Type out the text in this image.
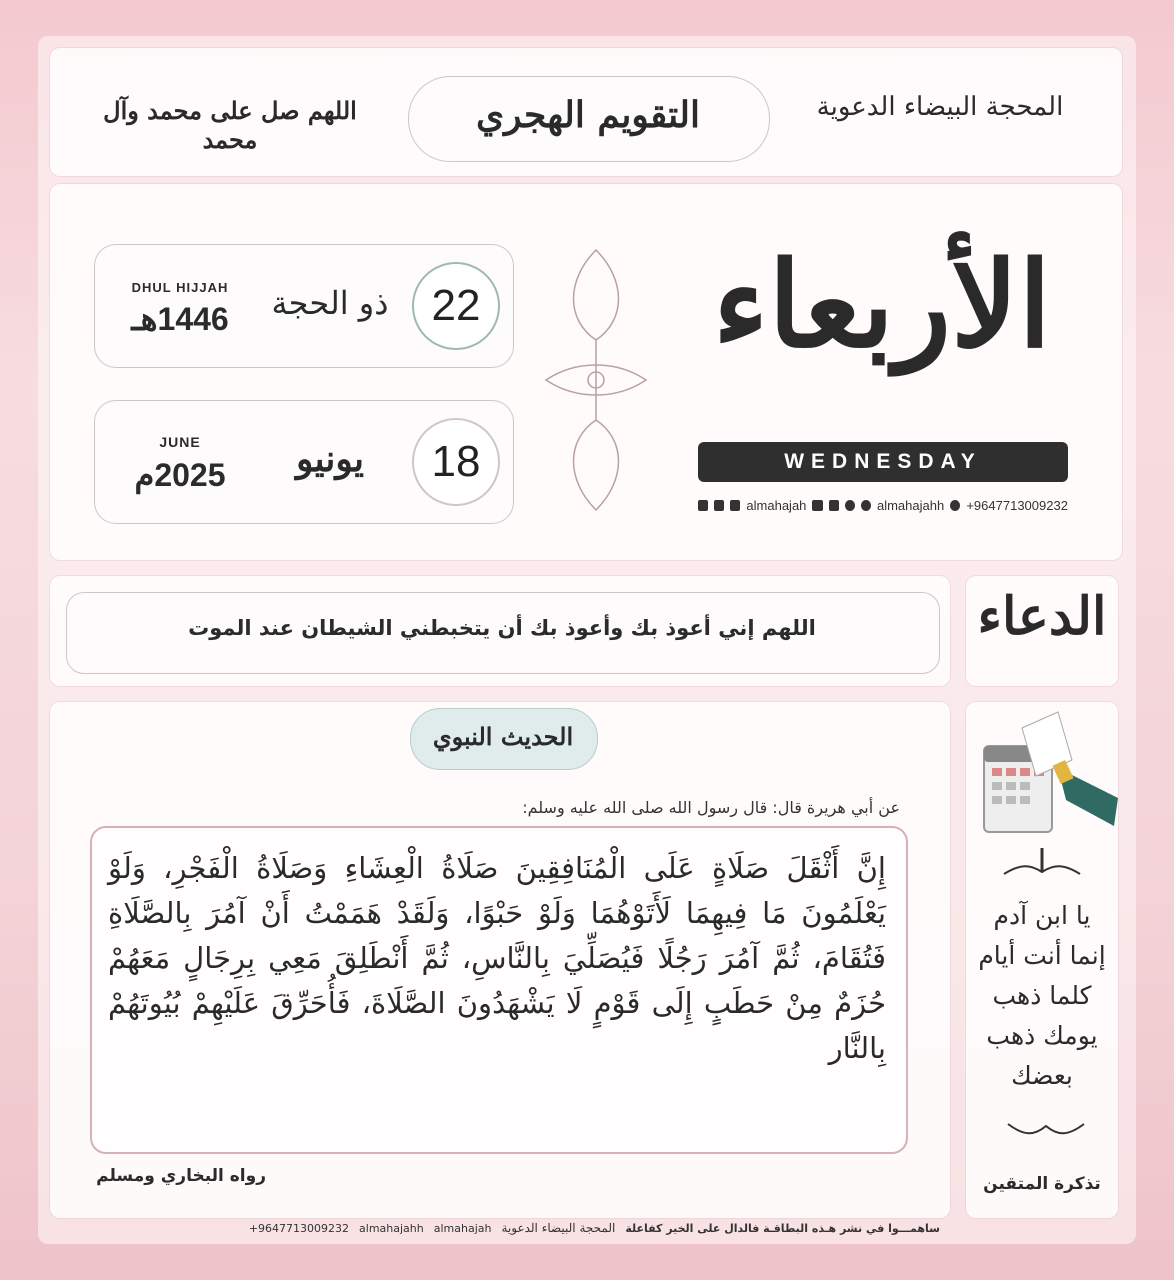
المحجة البيضاء الدعوية
التقويم الهجري
اللهم صل على محمد وآل محمد
22
ذو الحجة
DHUL HIJJAH
1446هـ
18
يونيو
JUNE
2025م
الأربعاء
WEDNESDAY
almahajah	almahajahh +9647713009232
الدعاء
اللهم إني أعوذ بك وأعوذ بك أن يتخبطني الشيطان عند الموت
الحديث النبوي
عن أبي هريرة قال: قال رسول الله صلى الله عليه وسلم:
إِنَّ أَثْقَلَ صَلَاةٍ عَلَى الْمُنَافِقِينَ صَلَاةُ الْعِشَاءِ وَصَلَاةُ الْفَجْرِ، وَلَوْ يَعْلَمُونَ مَا فِيهِمَا لَأَتَوْهُمَا وَلَوْ حَبْوًا، وَلَقَدْ هَمَمْتُ أَنْ آمُرَ بِالصَّلَاةِ فَتُقَامَ، ثُمَّ آمُرَ رَجُلًا فَيُصَلِّيَ بِالنَّاسِ، ثُمَّ أَنْطَلِقَ مَعِي بِرِجَالٍ مَعَهُمْ حُزَمٌ مِنْ حَطَبٍ إِلَى قَوْمٍ لَا يَشْهَدُونَ الصَّلَاةَ، فَأُحَرِّقَ عَلَيْهِمْ بُيُوتَهُمْ بِالنَّار
رواه البخاري ومسلم
يا ابن آدم
إنما أنت أيام
كلما ذهب
يومك ذهب
بعضك
تذكرة المتقين
ساهمـــوا في نشر هـذه البطاقـة فالدال على الخير كفاعلة
المحجة البيضاء الدعوية
almahajah
almahajahh
+9647713009232
